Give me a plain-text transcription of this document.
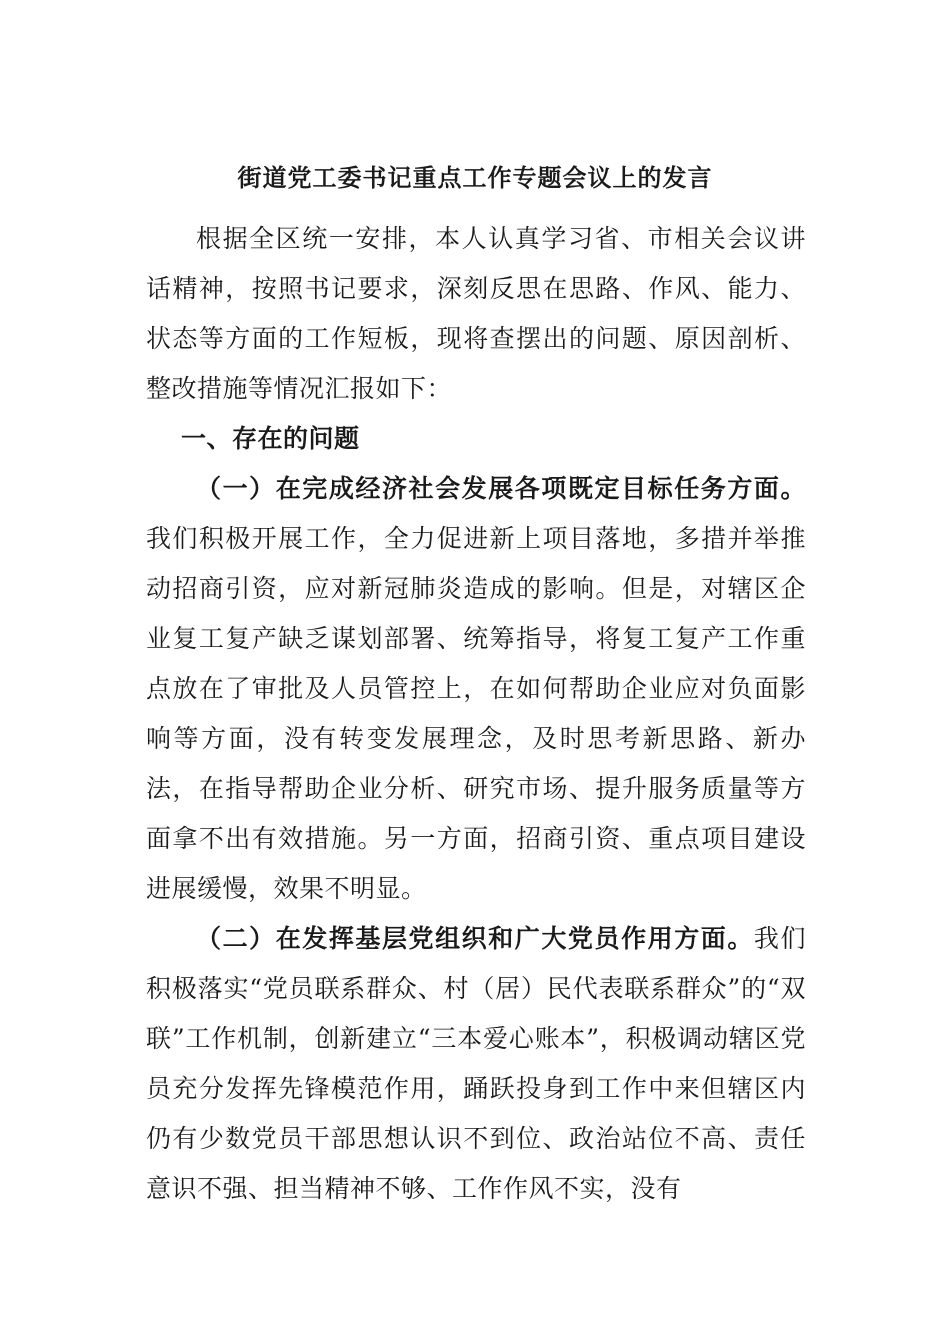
街道党工委书记重点工作专题会议上的发言

根据全区统一安排，本人认真学习省、市相关会议讲话精神，按照书记要求，深刻反思在思路、作风、能力、状态等方面的工作短板，现将查摆出的问题、原因剖析、整改措施等情况汇报如下：

一、存在的问题

（一）在完成经济社会发展各项既定目标任务方面。我们积极开展工作，全力促进新上项目落地，多措并举推动招商引资，应对新冠肺炎造成的影响。但是，对辖区企业复工复产缺乏谋划部署、统筹指导，将复工复产工作重点放在了审批及人员管控上，在如何帮助企业应对负面影响等方面，没有转变发展理念，及时思考新思路、新办法，在指导帮助企业分析、研究市场、提升服务质量等方面拿不出有效措施。另一方面，招商引资、重点项目建设进展缓慢，效果不明显。

（二）在发挥基层党组织和广大党员作用方面。我们积极落实“党员联系群众、村（居）民代表联系群众”的“双联”工作机制，创新建立“三本爱心账本”，积极调动辖区党员充分发挥先锋模范作用，踊跃投身到工作中来但辖区内仍有少数党员干部思想认识不到位、政治站位不高、责任意识不强、担当精神不够、工作作风不实，没有
